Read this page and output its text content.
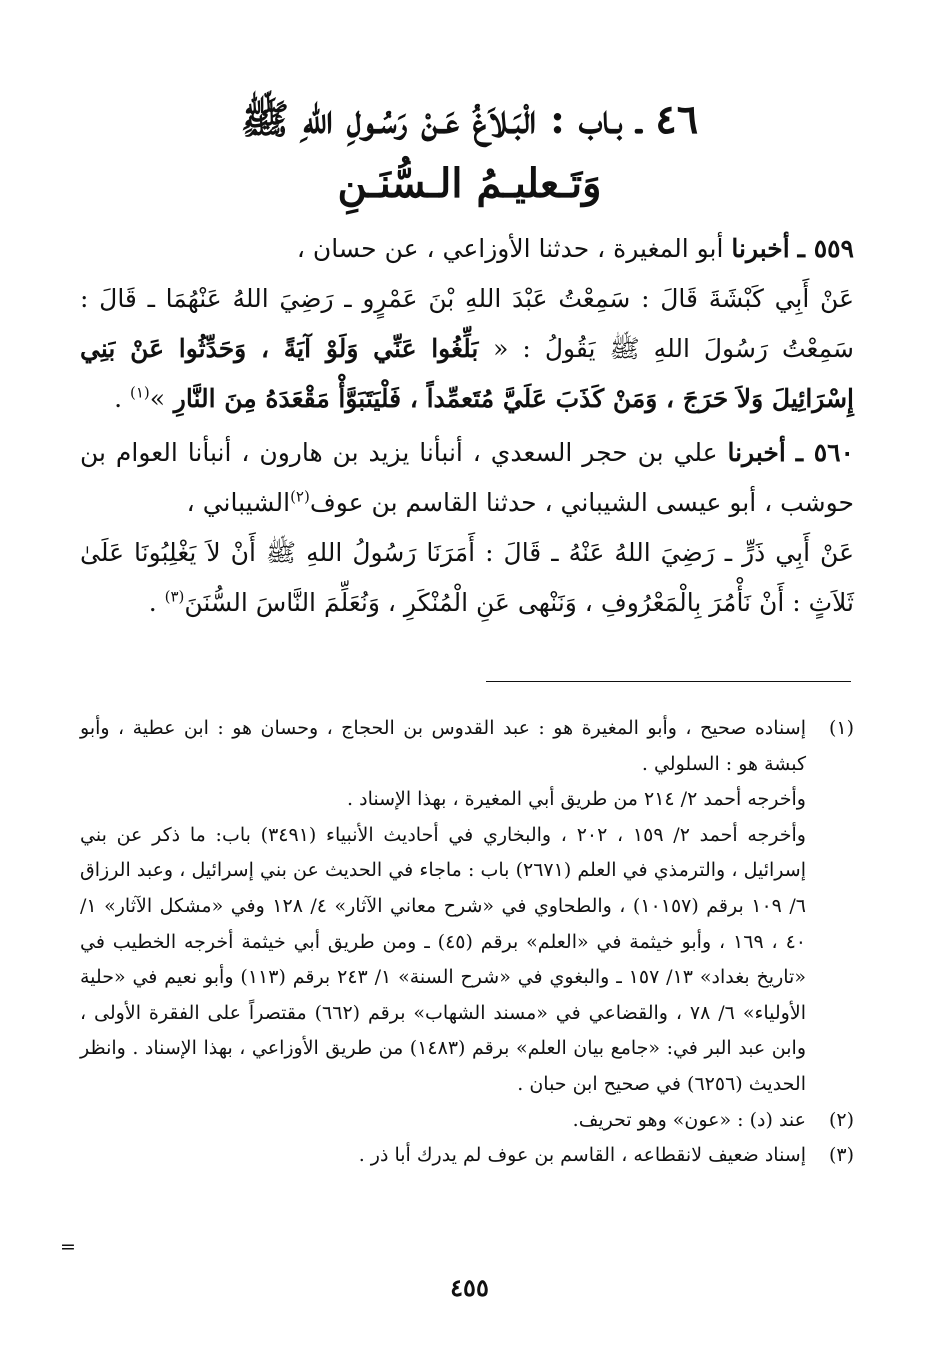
٤٦ ـ بـاب : الْبَـلاَغُ عَـنْ رَسُـولِ اللهِ ﷺ
وَتَـعليـمُ الـسُّنَـنِ

٥٥٩ ـ أخبرنا أبو المغيرة ، حدثنا الأوزاعي ، عن حسان ،

عَنْ أَبِي كَبْشَةَ قَالَ : سَمِعْتُ عَبْدَ اللهِ بْنَ عَمْرٍو ـ رَضِيَ اللهُ عَنْهُمَا ـ قَالَ : سَمِعْتُ رَسُولَ اللهِ ﷺ يَقُولُ : « بَلِّغُوا عَنِّي وَلَوْ آيَةً ، وَحَدِّثُوا عَنْ بَنِي إِسْرَائِيلَ وَلاَ حَرَجَ ، وَمَنْ كَذَبَ عَلَيَّ مُتَعمِّداً ، فَلْيَتَبَوَّأْ مَقْعَدَهُ مِنَ النَّارِ »$^{(١)}$ .

٥٦٠ ـ أخبرنا علي بن حجر السعدي ، أنبأنا يزيد بن هارون ، أنبأنا العوام بن حوشب ، أبو عيسى الشيباني ، حدثنا القاسم بن عوف$^{(٢)}$الشيباني ،

عَنْ أَبِي ذَرٍّ ـ رَضِيَ اللهُ عَنْهُ ـ قَالَ : أَمَرَنَا رَسُولُ اللهِ ﷺ أَنْ لاَ يَغْلِبُونَا عَلَىٰ ثَلاَثٍ : أَنْ نَأْمُرَ بِالْمَعْرُوفِ ، وَنَنْهى عَنِ الْمُنْكَرِ ، وَنُعَلِّمَ النَّاسَ السُّنَنَ$^{(٣)}$ .

(١)

إسناده صحيح ، وأبو المغيرة هو : عبد القدوس بن الحجاج ، وحسان هو : ابن عطية ، وأبو كبشة هو : السلولي .

وأخرجه أحمد ٢/ ٢١٤ من طريق أبي المغيرة ، بهذا الإسناد .

وأخرجه أحمد ٢/ ١٥٩ ، ٢٠٢ ، والبخاري في أحاديث الأنبياء (٣٤٩١) باب: ما ذكر عن بني إسرائيل ، والترمذي في العلم (٢٦٧١) باب : ماجاء في الحديث عن بني إسرائيل ، وعبد الرزاق ٦/ ١٠٩ برقم (١٠١٥٧) ، والطحاوي في «شرح معاني الآثار» ٤/ ١٢٨ وفي «مشكل الآثار» ١/ ٤٠ ، ١٦٩ ، وأبو خيثمة في «العلم» برقم (٤٥) ـ ومن طريق أبي خيثمة أخرجه الخطيب في «تاريخ بغداد» ١٣/ ١٥٧ ـ والبغوي في «شرح السنة» ١/ ٢٤٣ برقم (١١٣) وأبو نعيم في «حلية الأولياء» ٦/ ٧٨ ، والقضاعي في «مسند الشهاب» برقم (٦٦٢) مقتصراً على الفقرة الأولى ، وابن عبد البر في: «جامع بيان العلم» برقم (١٤٨٣) من طريق الأوزاعي ، بهذا الإسناد . وانظر الحديث (٦٢٥٦) في صحيح ابن حبان .

(٢)

عند (د) : «عون» وهو تحريف.

(٣)

إسناد ضعيف لانقطاعه ، القاسم بن عوف لم يدرك أبا ذر .

=
٤٥٥
